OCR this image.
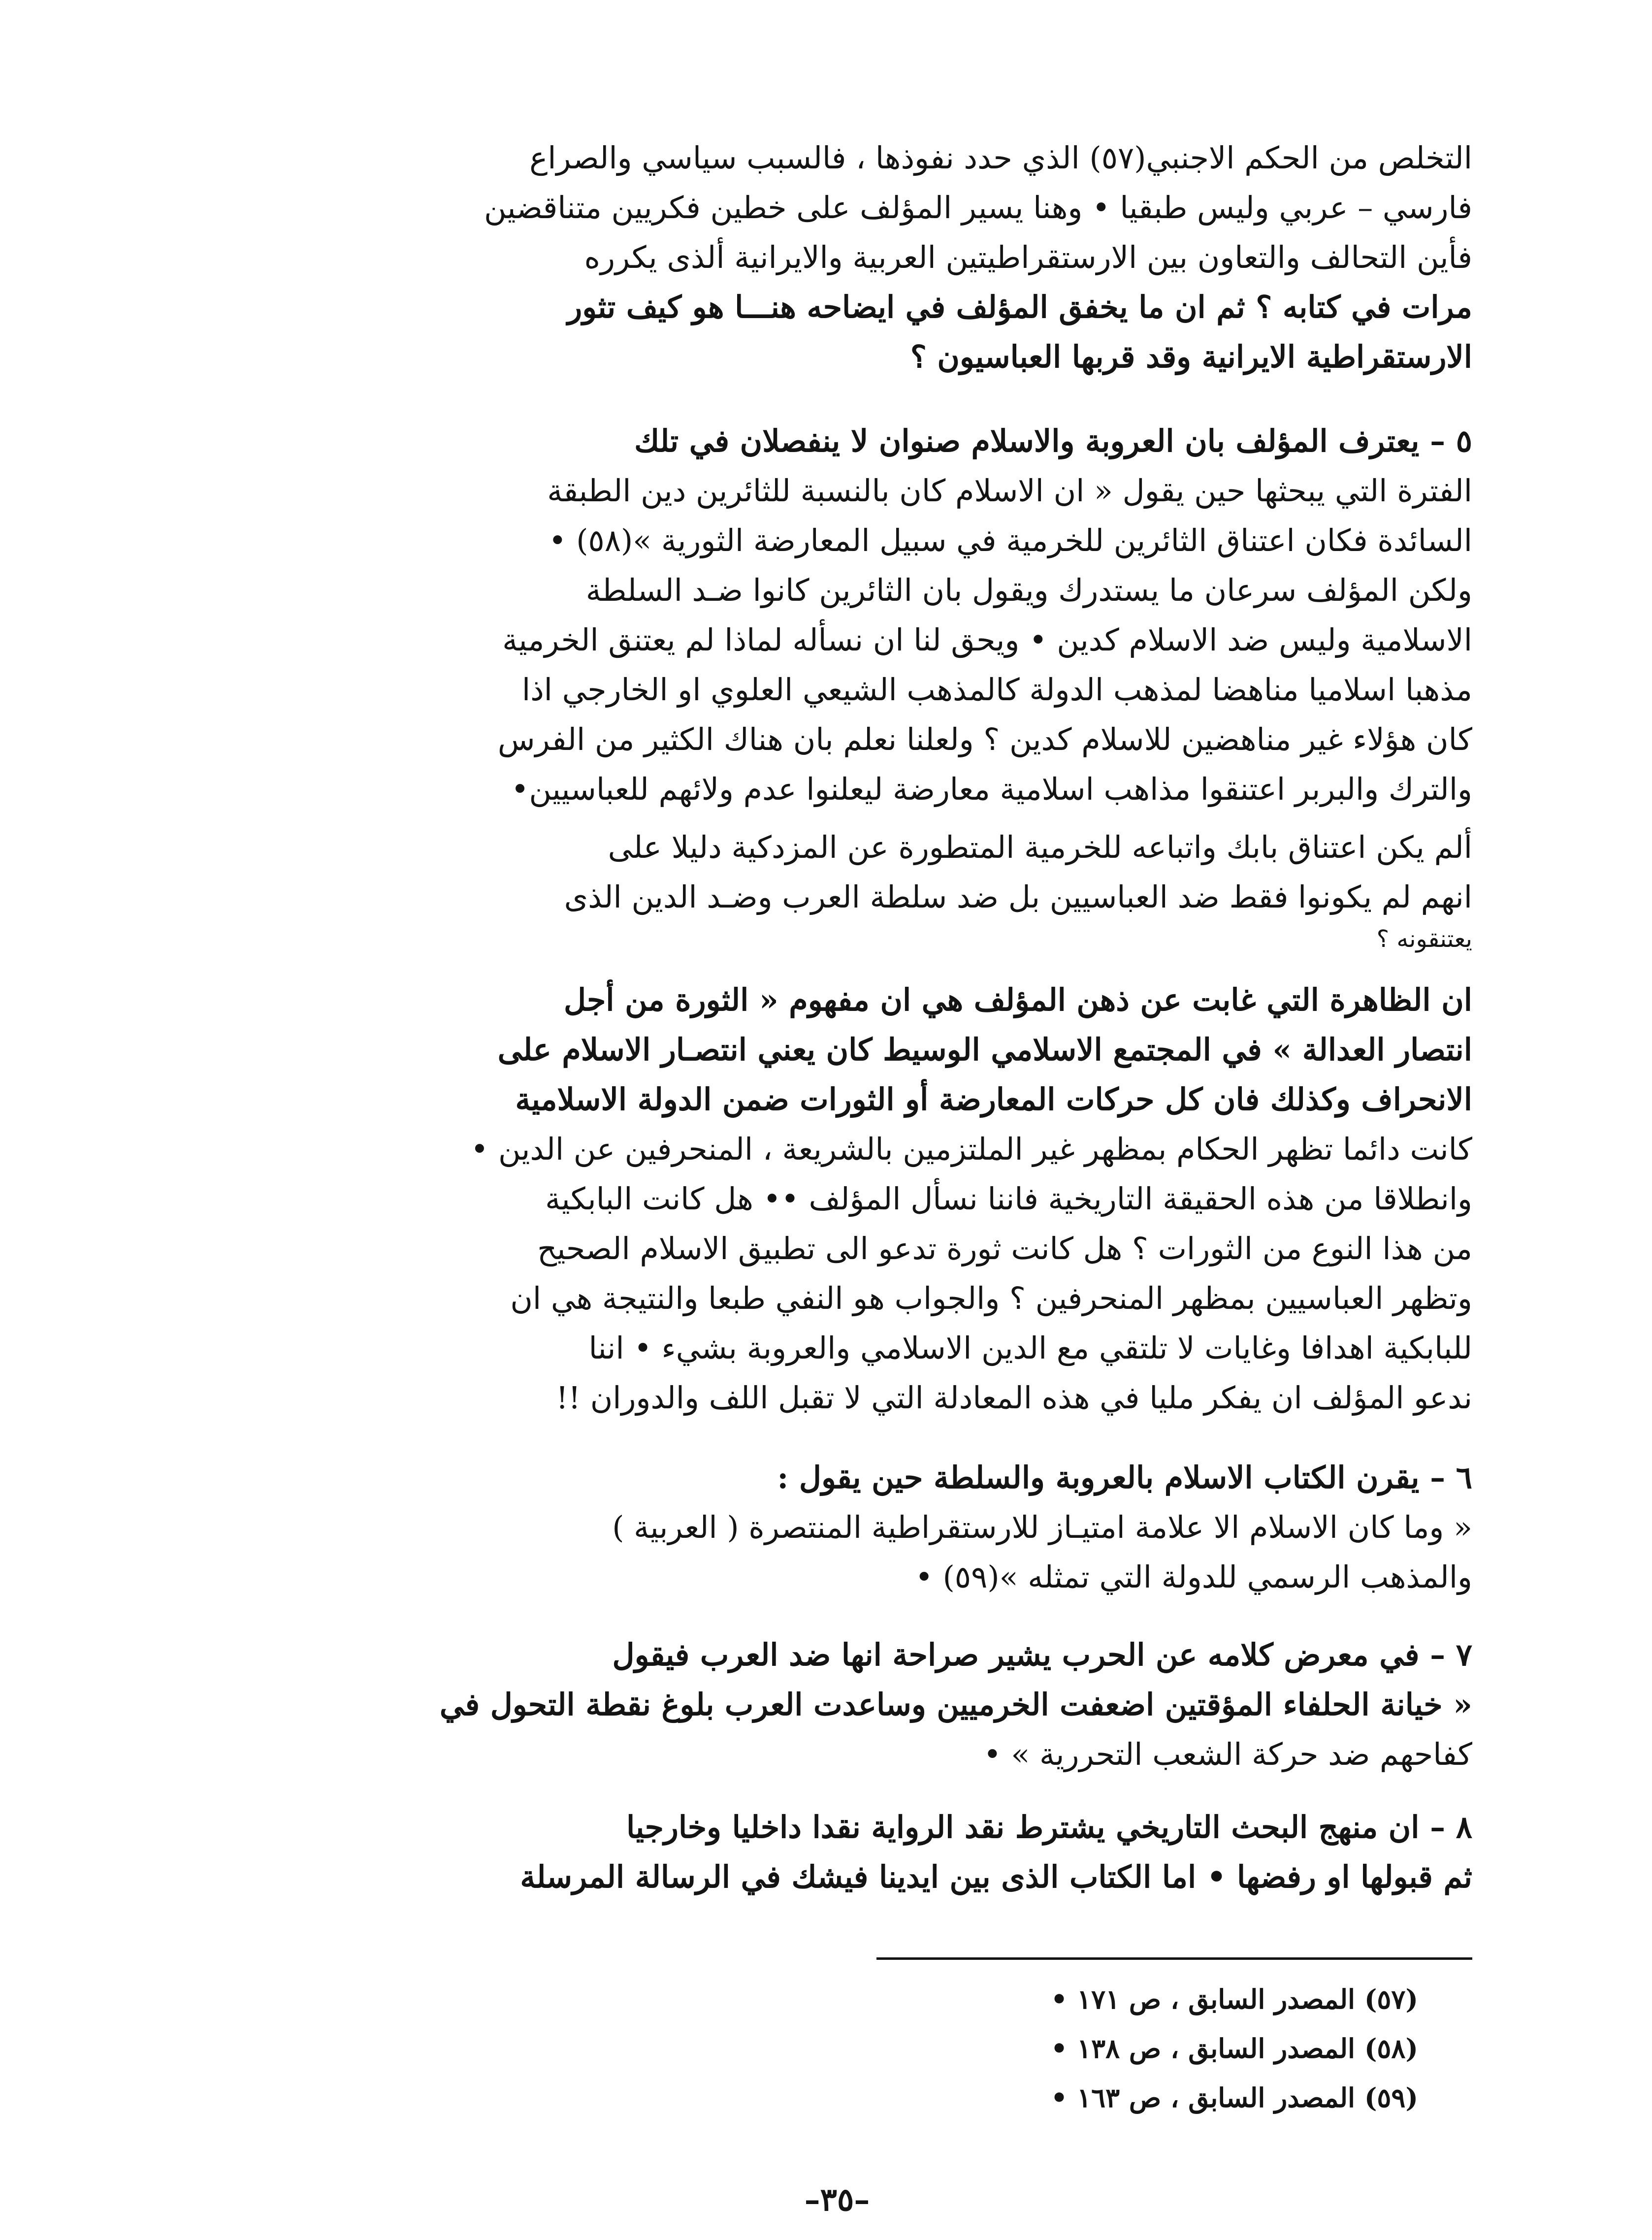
التخلص من الحكم الاجنبي(٥٧) الذي حدد نفوذها ، فالسبب سياسي والصراع
فارسي – عربي وليس طبقيا • وهنا يسير المؤلف على خطين فكريين متناقضين
فأين التحالف والتعاون بين الارستقراطيتين العربية والايرانية ألذى يكرره
مرات في كتابه ؟ ثم ان ما يخفق المؤلف في ايضاحه هنـــا هو كيف تثور
الارستقراطية الايرانية وقد قربها العباسيون ؟
٥ – يعترف المؤلف بان العروبة والاسلام صنوان لا ينفصلان في تلك
الفترة التي يبحثها حين يقول « ان الاسلام كان بالنسبة للثائرين دين الطبقة
السائدة فكان اعتناق الثائرين للخرمية في سبيل المعارضة الثورية »(٥٨) •
ولكن المؤلف سرعان ما يستدرك ويقول بان الثائرين كانوا ضـد السلطة
الاسلامية وليس ضد الاسلام كدين • ويحق لنا ان نسأله لماذا لم يعتنق الخرمية
مذهبا اسلاميا مناهضا لمذهب الدولة كالمذهب الشيعي العلوي او الخارجي اذا
كان هؤلاء غير مناهضين للاسلام كدين ؟ ولعلنا نعلم بان هناك الكثير من الفرس
والترك والبربر اعتنقوا مذاهب اسلامية معارضة ليعلنوا عدم ولائهم للعباسيين•
ألم يكن اعتناق بابك واتباعه للخرمية المتطورة عن المزدكية دليلا على
انهم لم يكونوا فقط ضد العباسيين بل ضد سلطة العرب وضـد الدين الذى
يعتنقونه ؟
ان الظاهرة التي غابت عن ذهن المؤلف هي ان مفهوم « الثورة من أجل
انتصار العدالة » في المجتمع الاسلامي الوسيط كان يعني انتصـار الاسلام على
الانحراف وكذلك فان كل حركات المعارضة أو الثورات ضمن الدولة الاسلامية
كانت دائما تظهر الحكام بمظهر غير الملتزمين بالشريعة ، المنحرفين عن الدين •
وانطلاقا من هذه الحقيقة التاريخية فاننا نسأل المؤلف •• هل كانت البابكية
من هذا النوع من الثورات ؟ هل كانت ثورة تدعو الى تطبيق الاسلام الصحيح
وتظهر العباسيين بمظهر المنحرفين ؟ والجواب هو النفي طبعا والنتيجة هي ان
للبابكية اهدافا وغايات لا تلتقي مع الدين الاسلامي والعروبة بشيء • اننا
ندعو المؤلف ان يفكر مليا في هذه المعادلة التي لا تقبل اللف والدوران !!
٦ – يقرن الكتاب الاسلام بالعروبة والسلطة حين يقول :
« وما كان الاسلام الا علامة امتيـاز للارستقراطية المنتصرة ( العربية )
والمذهب الرسمي للدولة التي تمثله »(٥٩) •
٧ – في معرض كلامه عن الحرب يشير صراحة انها ضد العرب فيقول
« خيانة الحلفاء المؤقتين اضعفت الخرميين وساعدت العرب بلوغ نقطة التحول في
كفاحهم ضد حركة الشعب التحررية » •
٨ – ان منهج البحث التاريخي يشترط نقد الرواية نقدا داخليا وخارجيا
ثم قبولها او رفضها • اما الكتاب الذى بين ايدينا فيشك في الرسالة المرسلة
(٥٧) المصدر السابق ، ص ١٧١ •
(٥٨) المصدر السابق ، ص ١٣٨ •
(٥٩) المصدر السابق ، ص ١٦٣ •
–٣٥–
